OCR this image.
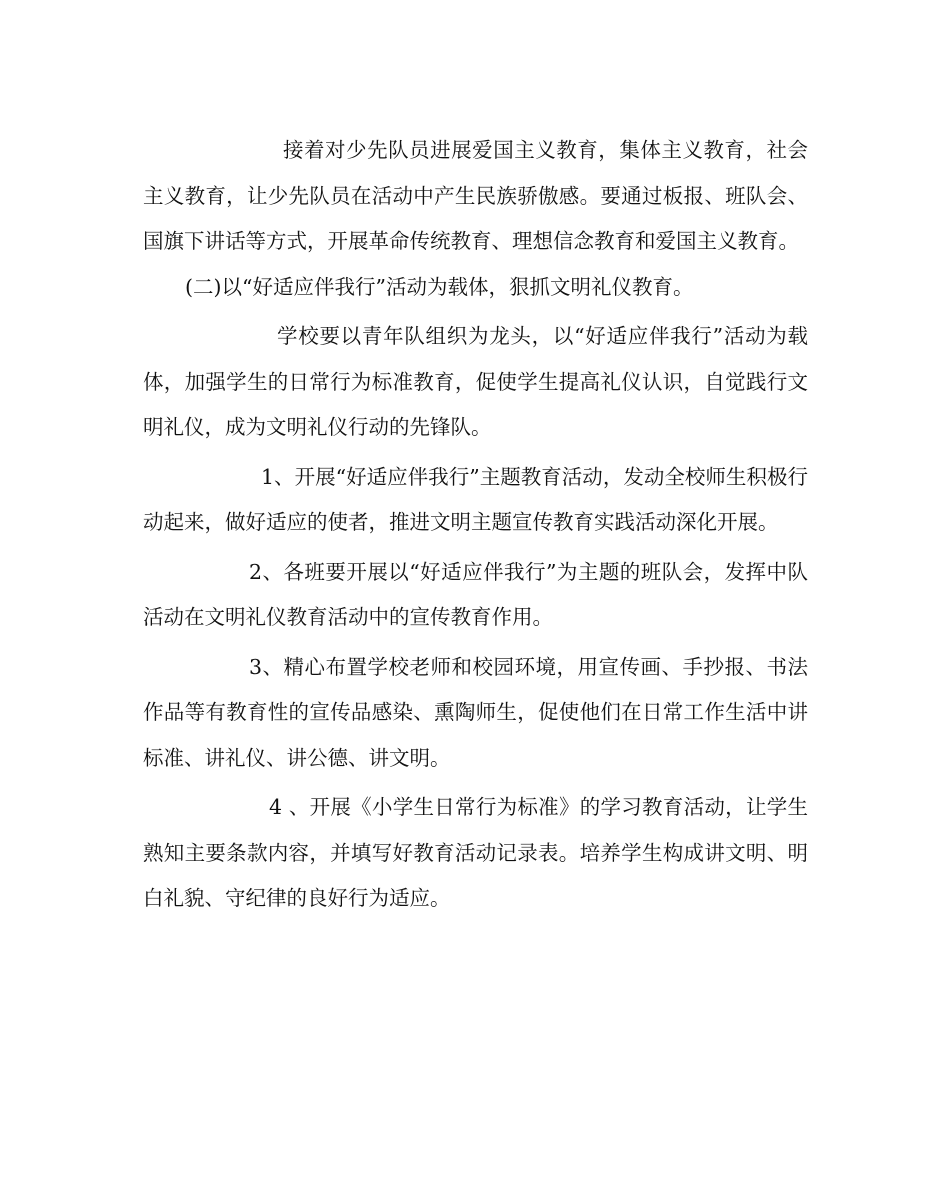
接着对少先队员进展爱国主义教育，集体主义教育，社会主义教育，让少先队员在活动中产生民族骄傲感。要通过板报、班队会、国旗下讲话等方式，开展革命传统教育、理想信念教育和爱国主义教育。

(二)以“好适应伴我行”活动为载体，狠抓文明礼仪教育。

学校要以青年队组织为龙头，以“好适应伴我行”活动为载体，加强学生的日常行为标准教育，促使学生提高礼仪认识，自觉践行文明礼仪，成为文明礼仪行动的先锋队。

1、开展“好适应伴我行”主题教育活动，发动全校师生积极行动起来，做好适应的使者，推进文明主题宣传教育实践活动深化开展。

2、各班要开展以“好适应伴我行”为主题的班队会，发挥中队活动在文明礼仪教育活动中的宣传教育作用。

3、精心布置学校老师和校园环境，用宣传画、手抄报、书法作品等有教育性的宣传品感染、熏陶师生，促使他们在日常工作生活中讲标准、讲礼仪、讲公德、讲文明。

4 、开展《小学生日常行为标准》的学习教育活动，让学生熟知主要条款内容，并填写好教育活动记录表。培养学生构成讲文明、明白礼貌、守纪律的良好行为适应。
